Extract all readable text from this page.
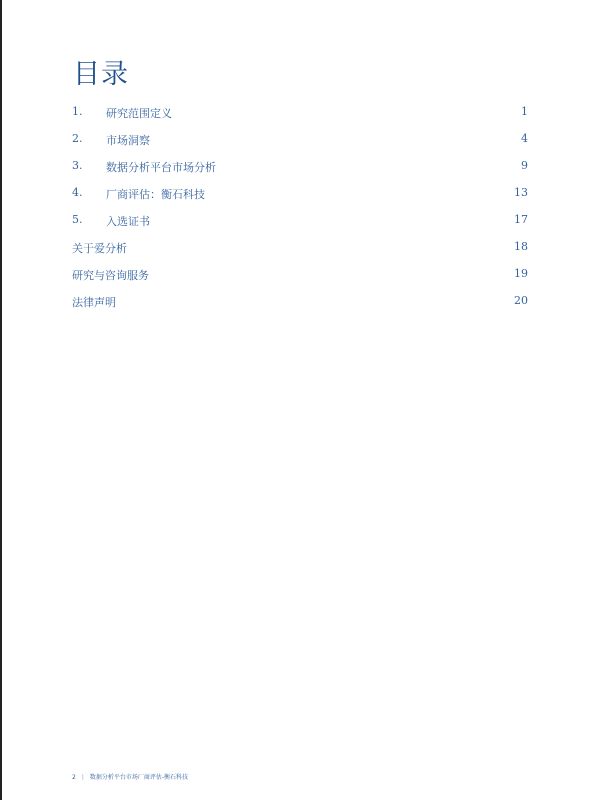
目录
1. 研究范围定义	1
2. 市场洞察	4
3. 数据分析平台市场分析	9
4. 厂商评估：衡石科技	13
5. 入选证书	17
关于爱分析	18
研究与咨询服务	19
法律声明	20
2 | 数据分析平台市场厂商评估-衡石科技
